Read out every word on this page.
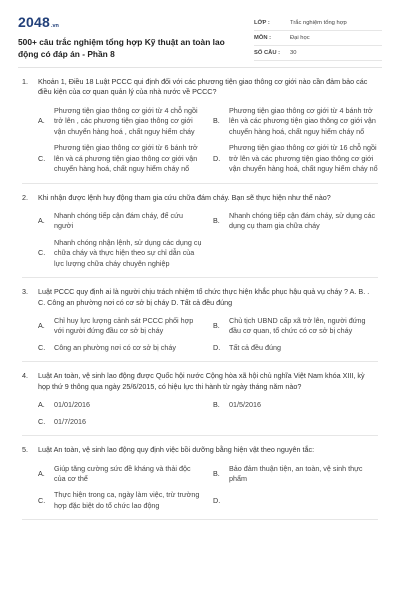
2048 .vn
500+ câu trắc nghiệm tổng hợp Kỹ thuật an toàn lao động có đáp án - Phần 8
LỚP :	Trắc nghiệm tổng hợp
MÔN :	Đại học
SỐ CÂU :	30
1.	Khoản 1, Điều 18 Luật PCCC qui định đối với các phương tiện giao thông cơ giới nào cần đảm bảo các điều kiện của cơ quan quản lý của nhà nước về PCCC?
A.
Phương tiện giao thông cơ giới từ 4 chỗ ngồi trở lên , các phương tiện giao thông cơ giới vận chuyển hàng hoá , chất nguy hiểm cháy
B.
Phương tiện giao thông cơ giới từ 4 bánh trở lên và các phương tiện giao thông cơ giới vận chuyển hàng hoá, chất nguy hiểm cháy nổ
C.
Phương tiện giao thông cơ giới từ 6 bánh trở lên và cá phương tiện giao thông cơ giới vận chuyển hàng hoá, chất nguy hiểm cháy nổ
D.
Phương tiện giao thông cơ giới từ 16 chỗ ngồi trở lên và các phương tiện giao thông cơ giới vận chuyển hàng hoá, chất nguy hiểm cháy nổ
2.	Khi nhận được lệnh huy động tham gia cứu chữa đám cháy. Bạn sẽ thực hiện như thế nào?
A.
Nhanh chóng tiếp cận đám cháy, để cứu người
B.
Nhanh chóng tiếp cận đám cháy, sử dụng các dụng cụ tham gia chữa cháy
C.
Nhanh chóng nhận lệnh, sử dụng các dụng cụ chữa cháy và thực hiện theo sự chỉ dẫn của lực lượng chữa cháy chuyên nghiệp
3.	Luật PCCC quy định ai là người chịu trách nhiệm tổ chức thực hiện khắc phục hậu quả vụ cháy ? A. B. . C. Công an phường nơi có cơ sở bị cháy D. Tất cả đều đúng
A.
Chỉ huy lực lượng cảnh sát PCCC phối hợp với người đứng đầu cơ sở bị cháy
B.
Chủ tịch UBND cấp xã trở lên, người đứng đầu cơ quan, tổ chức có cơ sở bị cháy
C.	Công an phường nơi có cơ sở bị cháy	D.	Tất cả đều đúng
4.	Luật An toàn, vệ sinh lao động được Quốc hội nước Cộng hòa xã hội chủ nghĩa Việt Nam khóa XIII, kỳ họp thứ 9 thông qua ngày 25/6/2015, có hiệu lực thi hành từ ngày tháng năm nào?
A.	01/01/2016	B.	01/5/2016
C.	01/7/2016
5.	Luật An toàn, vệ sinh lao động quy định việc bồi dưỡng bằng hiện vật theo nguyên tắc:
A.
Giúp tăng cường sức đề kháng và thải độc của cơ thể
B.
Bảo đảm thuận tiện, an toàn, vệ sinh thực phẩm
C.
Thực hiện trong ca, ngày làm việc, trừ trường hợp đặc biệt do tổ chức lao động
D.
